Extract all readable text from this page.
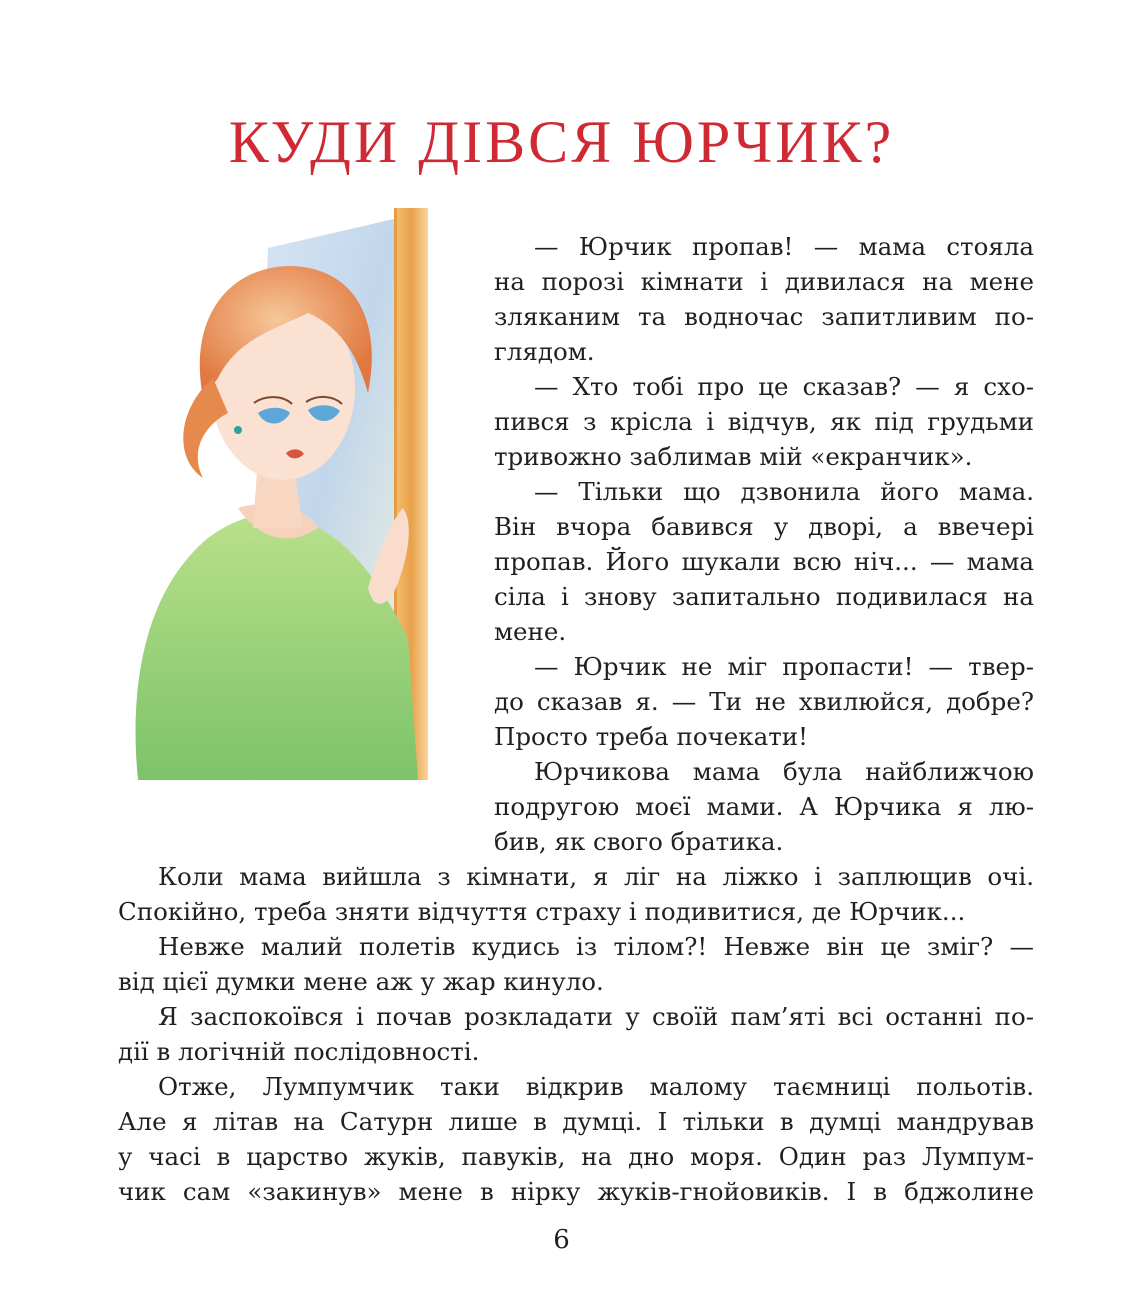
КУДИ ДІВСЯ ЮРЧИК?

— Юрчик пропав! — мама стояла

на порозі кімнати і дивилася на мене

зляканим та водночас запитливим по-

глядом.

— Хто тобі про це сказав? — я схо-

пився з крісла і відчув, як під грудьми

тривожно заблимав мій «екранчик».

— Тільки що дзвонила його мама.

Він вчора бавився у дворі, а ввечері

пропав. Його шукали всю ніч... — мама

сіла і знову запитально подивилася на

мене.

— Юрчик не міг пропасти! — твер-

до сказав я. — Ти не хвилюйся, добре?

Просто треба почекати!

Юрчикова мама була найближчою

подругою моєї мами. А Юрчика я лю-

бив, як свого братика.

Коли мама вийшла з кімнати, я ліг на ліжко і заплющив очі.

Спокійно, треба зняти відчуття страху і подивитися, де Юрчик...

Невже малий полетів кудись із тілом?! Невже він це зміг? —

від цієї думки мене аж у жар кинуло.

Я заспокоївся і почав розкладати у своїй пам’яті всі останні по-

дії в логічній послідовності.

Отже, Лумпумчик таки відкрив малому таємниці польотів.

Але я літав на Сатурн лише в думці. І тільки в думці мандрував

у часі в царство жуків, павуків, на дно моря. Один раз Лумпум-

чик сам «закинув» мене в нірку жуків-гнойовиків. І в бджолине

6
